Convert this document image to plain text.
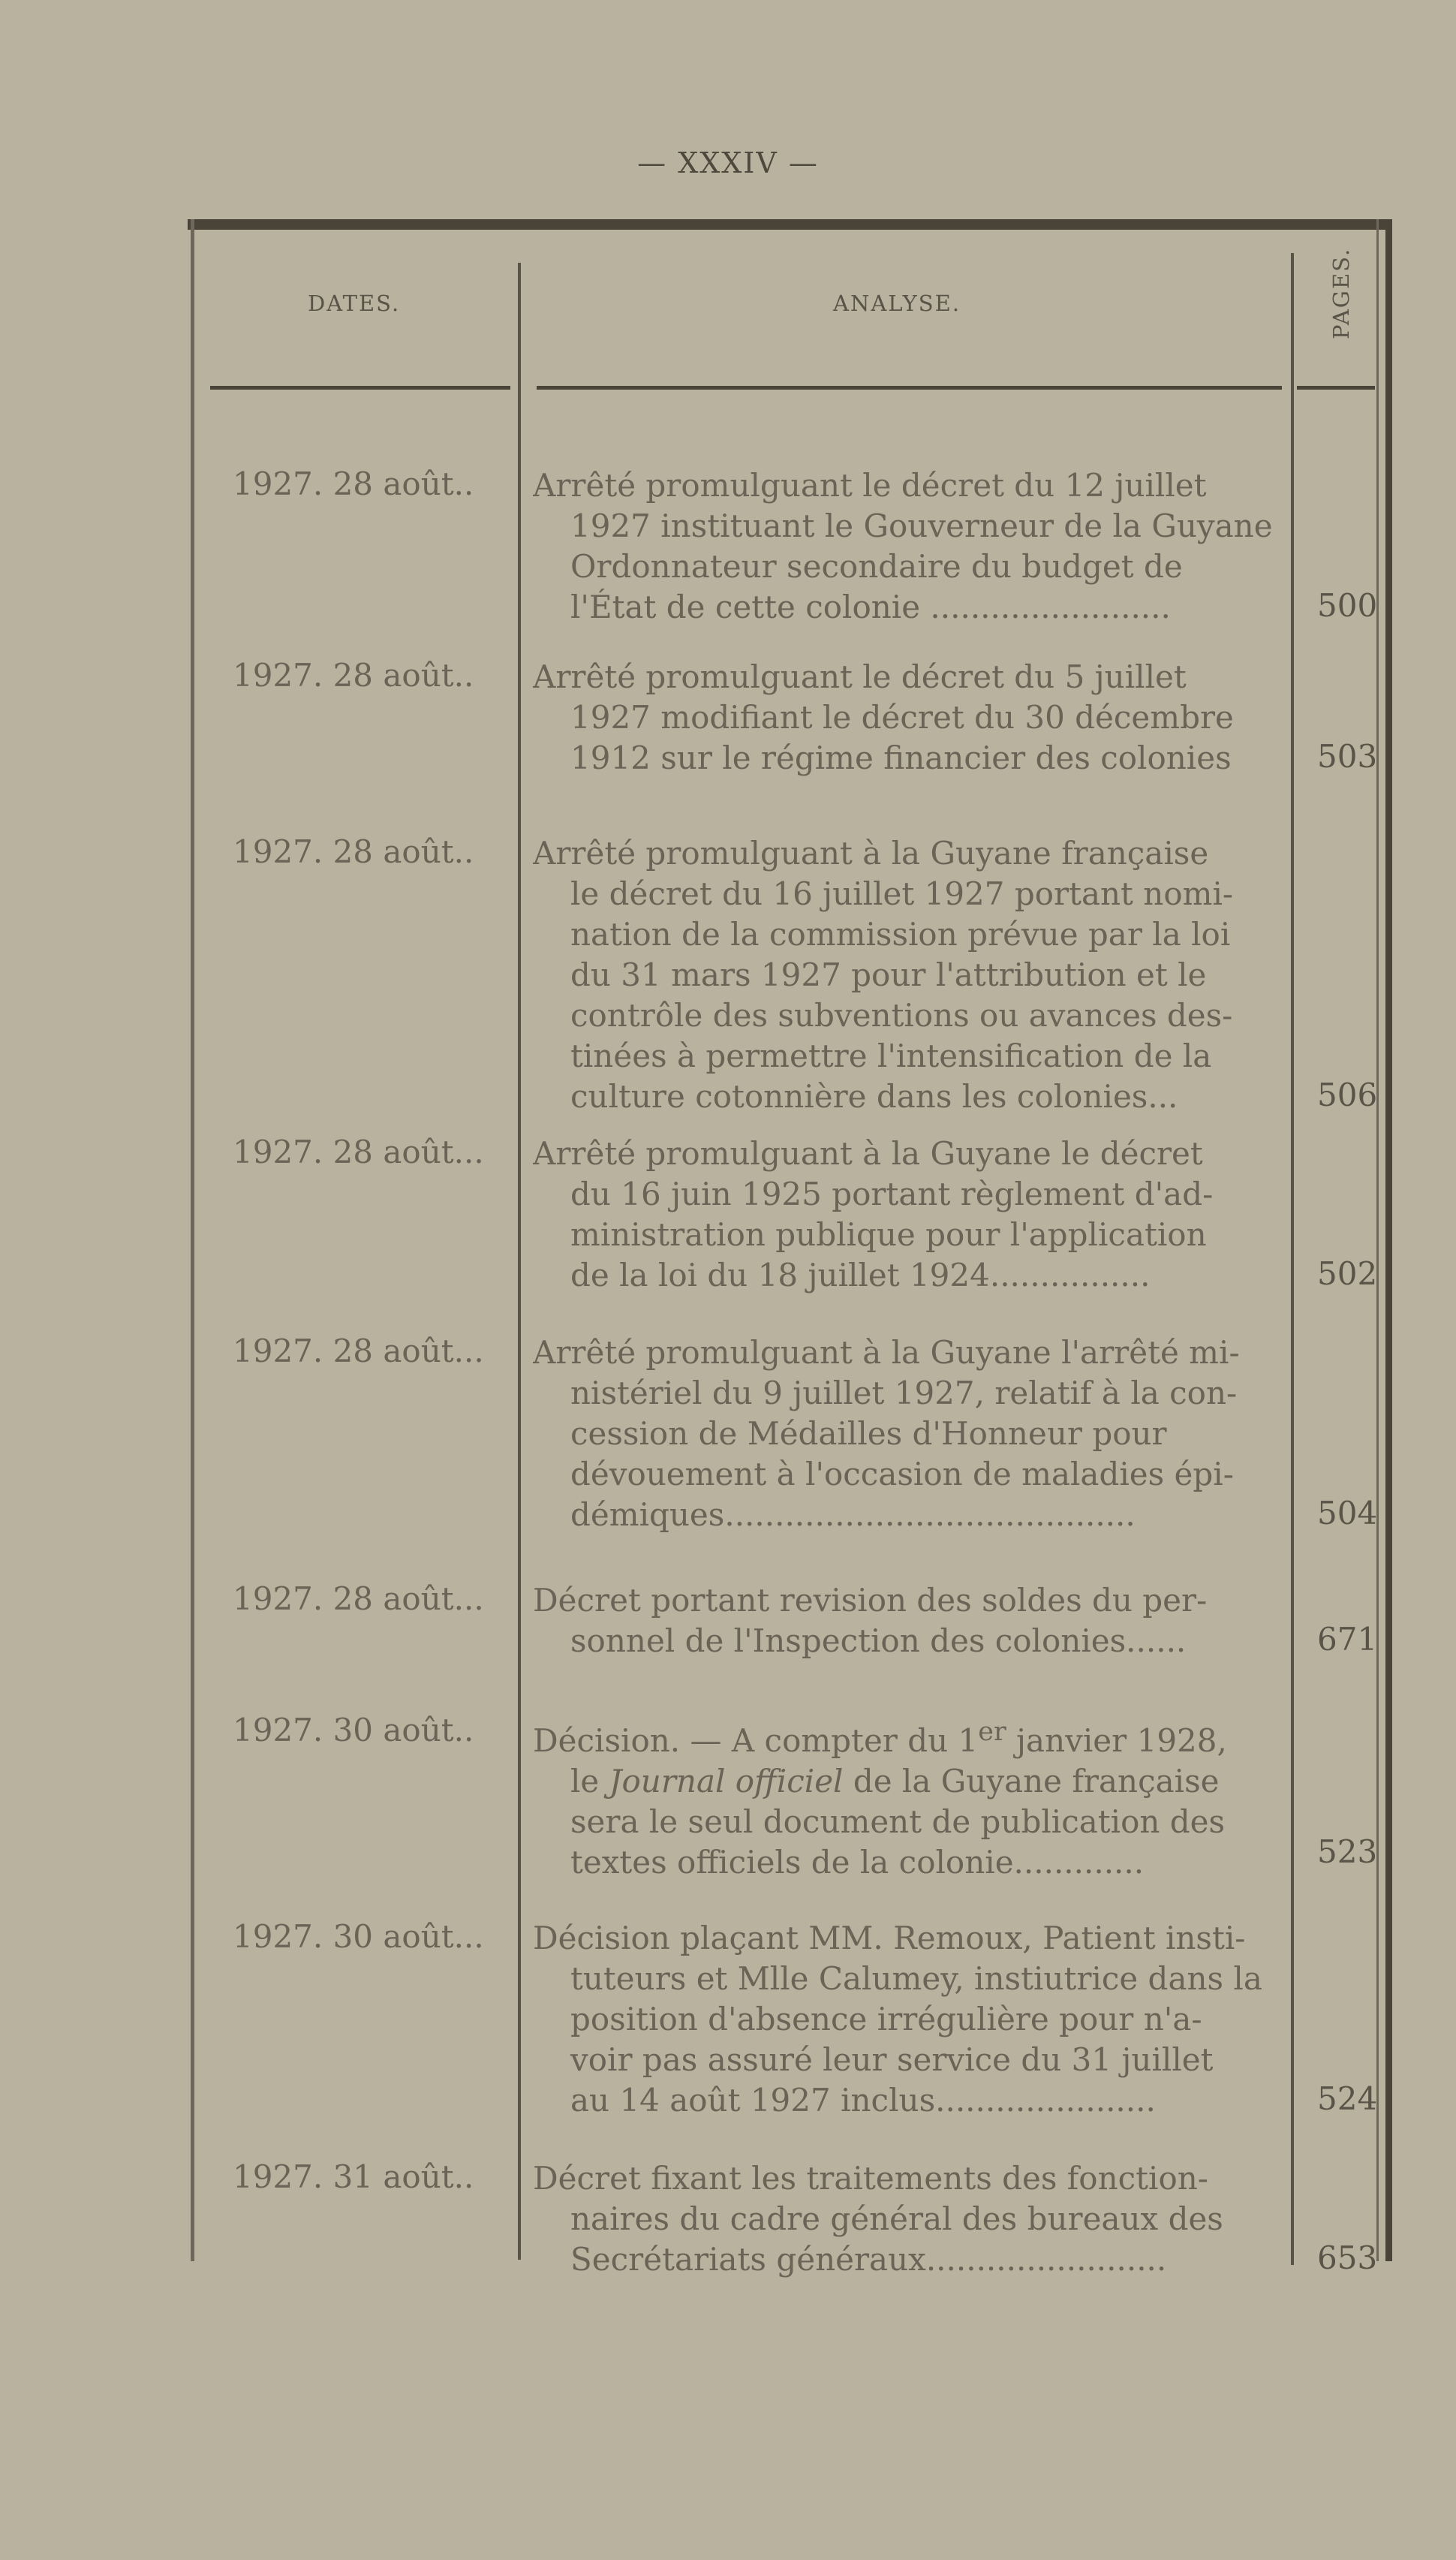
— XXXIV —
DATES.	ANALYSE.	PAGES.
1927. 28 août.. Arrêté promulguant le décret du 12 juillet
1927 instituant le Gouverneur de la Guyane
Ordonnateur secondaire du budget de
l'État de cette colonie ........................	500
1927. 28 août.. Arrêté promulguant le décret du 5 juillet
1927 modifiant le décret du 30 décembre
1912 sur le régime financier des colonies	503
1927. 28 août.. Arrêté promulguant à la Guyane française
le décret du 16 juillet 1927 portant nomi-
nation de la commission prévue par la loi
du 31 mars 1927 pour l'attribution et le
contrôle des subventions ou avances des-
tinées à permettre l'intensification de la
culture cotonnière dans les colonies...	506
1927. 28 août... Arrêté promulguant à la Guyane le décret
du 16 juin 1925 portant règlement d'ad-
ministration publique pour l'application
de la loi du 18 juillet 1924................	502
1927. 28 août... Arrêté promulguant à la Guyane l'arrêté mi-
nistériel du 9 juillet 1927, relatif à la con-
cession de Médailles d'Honneur pour
dévouement à l'occasion de maladies épi-
démiques.........................................	504
1927. 28 août... Décret portant revision des soldes du per-
sonnel de l'Inspection des colonies......	671
1927. 30 août.. Décision. — A compter du 1er janvier 1928,
le Journal officiel de la Guyane française
sera le seul document de publication des
textes officiels de la colonie.............	523
1927. 30 août... Décision plaçant MM. Remoux, Patient insti-
tuteurs et Mlle Calumey, instiutrice dans la
position d'absence irrégulière pour n'a-
voir pas assuré leur service du 31 juillet
au 14 août 1927 inclus......................	524
1927. 31 août.. Décret fixant les traitements des fonction-
naires du cadre général des bureaux des
Secrétariats généraux........................	653
